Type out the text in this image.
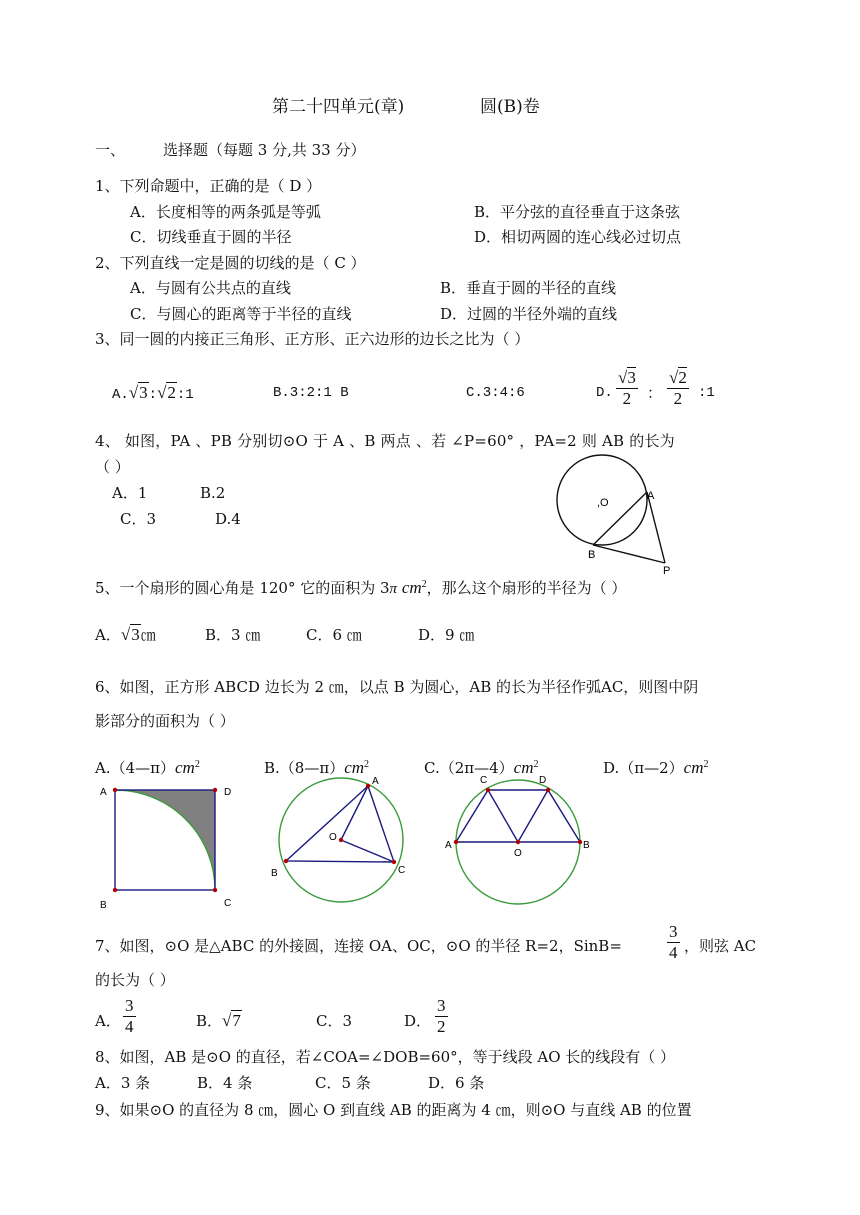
第二十四单元(章)	圆(B)卷
一、	选择题（每题 3 分,共 33 分）
1、下列命题中，正确的是（ D ）
A．长度相等的两条弧是等弧	B．平分弦的直径垂直于这条弦
C．切线垂直于圆的半径	D．相切两圆的连心线必过切点
2、下列直线一定是圆的切线的是（ C ）
A．与圆有公共点的直线	B．垂直于圆的半径的直线
C．与圆心的距离等于半径的直线	D．过圆的半径外端的直线
3、同一圆的内接正三角形、正方形、正六边形的边长之比为（ ）
A.√3:√2:1	B.3:2:1 B	C.3:4:6	D. $\frac{√3}{2}$ ： $\frac{√2}{2}$ :1
4、 如图，PA 、PB 分别切⊙O 于 A 、B 两点 、若 ∠P=60° ，PA=2 则 AB 的长为
（ ）
A．1	B.2
C．3	D.4
,O
A
B
P
5、一个扇形的圆心角是 120° 它的面积为 3π $cm^2$，那么这个扇形的半径为（ ）
A．√3㎝	B．3 ㎝	C．6 ㎝	D．9 ㎝
6、如图，正方形 ABCD 边长为 2 ㎝，以点 B 为圆心，AB 的长为半径作弧AC，则图中阴
影部分的面积为（ ）
$A.(4—\pi)cm^2$	$B.(8—\pi)cm^2$	$C.(2\pi—4)cm^2$	$D.(\pi—2)cm^2$
A	D
B	C
A
B	C
O
C	D
A	B
O
7、如图，⊙O 是△ABC 的外接圆，连接 OA、OC，⊙O 的半径 R=2，SinB=	$\frac{3}{4}$ ，则弦 AC
的长为（ ）
A． $\frac{3}{4}$	B．√7	C．3	D． $\frac{3}{2}$
8、如图，AB 是⊙O 的直径，若∠COA=∠DOB=60°，等于线段 AO 长的线段有（ ）
A．3 条	B．4 条	C．5 条	D．6 条
9、如果⊙O 的直径为 8 ㎝，圆心 O 到直线 AB 的距离为 4 ㎝，则⊙O 与直线 AB 的位置
